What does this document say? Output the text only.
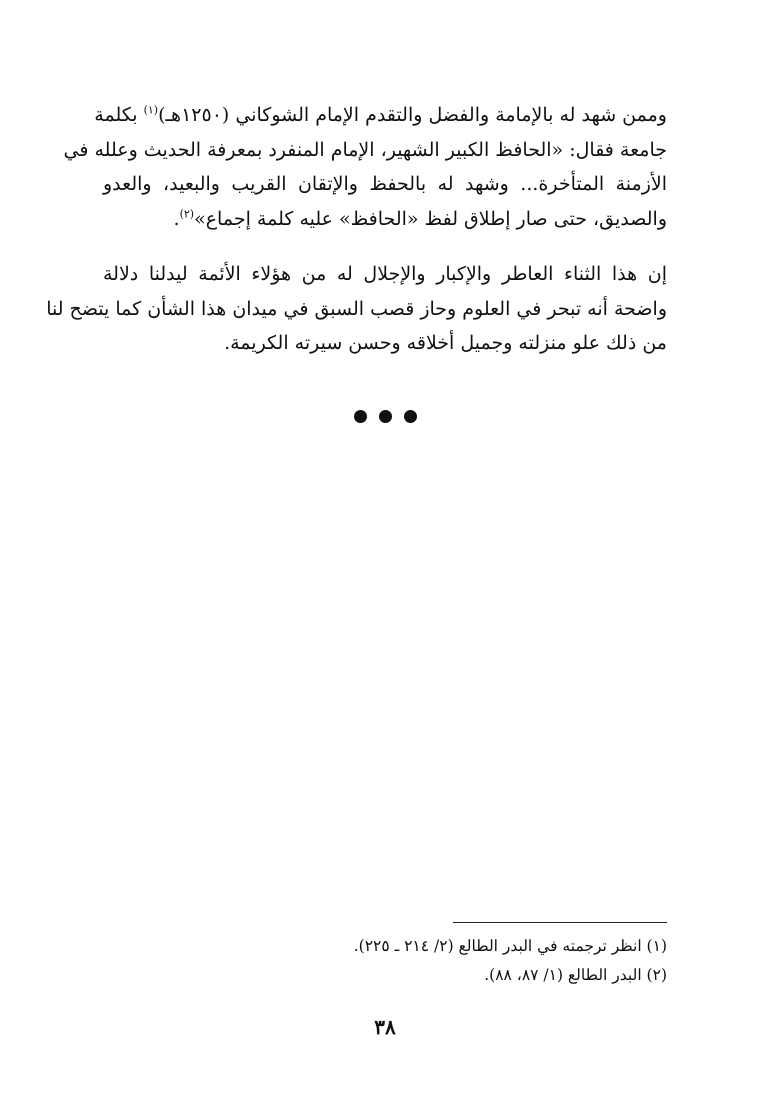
وممن شهد له بالإمامة والفضل والتقدم الإمام الشوكاني (١٢٥٠هـ)$^{(١)}$ بكلمة
جامعة فقال: «الحافظ الكبير الشهير، الإمام المنفرد بمعرفة الحديث وعلله في
الأزمنة المتأخرة... وشهد له بالحفظ والإتقان القريب والبعيد، والعدو
والصديق، حتى صار إطلاق لفظ «الحافظ» عليه كلمة إجماع»$^{(٢)}$.

إن هذا الثناء العاطر والإكبار والإجلال له من هؤلاء الأئمة ليدلنا دلالة
واضحة أنه تبحر في العلوم وحاز قصب السبق في ميدان هذا الشأن كما يتضح لنا
من ذلك علو منزلته وجميل أخلاقه وحسن سيرته الكريمة.

(١) انظر ترجمته في البدر الطالع (٢/ ٢١٤ ـ ٢٢٥).
(٢) البدر الطالع (١/ ٨٧، ٨٨).
٣٨
